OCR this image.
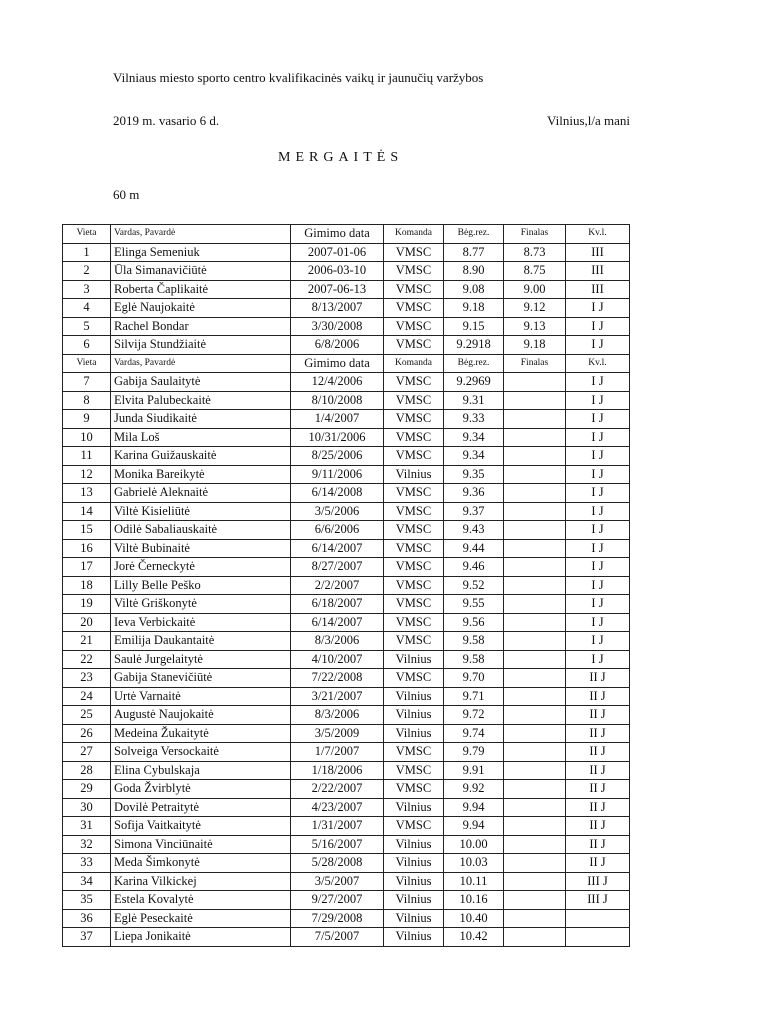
Vilniaus miesto sporto centro kvalifikacinės vaikų ir jaunučių varžybos
2019 m. vasario 6 d.	Vilnius,l/a mani
MERGAITĖS
60 m
Vieta	Vardas, Pavardė	Gimimo data	Komanda	Bėg.rez.	Finalas	Kv.l.
1	Elinga Semeniuk	2007-01-06	VMSC	8.77	8.73	III
2	Ūla Simanavičiūtė	2006-03-10	VMSC	8.90	8.75	III
3	Roberta Čaplikaitė	2007-06-13	VMSC	9.08	9.00	III
4	Eglė Naujokaitė	8/13/2007	VMSC	9.18	9.12	I J
5	Rachel Bondar	3/30/2008	VMSC	9.15	9.13	I J
6	Silvija Stundžiaitė	6/8/2006	VMSC	9.2918	9.18	I J
Vieta	Vardas, Pavardė	Gimimo data	Komanda	Bėg.rez.	Finalas	Kv.l.
7	Gabija Saulaitytė	12/4/2006	VMSC	9.2969		I J
8	Elvita Palubeckaitė	8/10/2008	VMSC	9.31		I J
9	Junda Siudikaitė	1/4/2007	VMSC	9.33		I J
10	Mila Loš	10/31/2006	VMSC	9.34		I J
11	Karina Guižauskaitė	8/25/2006	VMSC	9.34		I J
12	Monika Bareikytė	9/11/2006	Vilnius	9.35		I J
13	Gabrielė Aleknaitė	6/14/2008	VMSC	9.36		I J
14	Viltė Kisieliūtė	3/5/2006	VMSC	9.37		I J
15	Odilė Sabaliauskaitė	6/6/2006	VMSC	9.43		I J
16	Viltė Bubinaitė	6/14/2007	VMSC	9.44		I J
17	Jorė Černeckytė	8/27/2007	VMSC	9.46		I J
18	Lilly Belle Peško	2/2/2007	VMSC	9.52		I J
19	Viltė Griškonytė	6/18/2007	VMSC	9.55		I J
20	Ieva Verbickaitė	6/14/2007	VMSC	9.56		I J
21	Emilija Daukantaitė	8/3/2006	VMSC	9.58		I J
22	Saulė Jurgelaitytė	4/10/2007	Vilnius	9.58		I J
23	Gabija Stanevičiūtė	7/22/2008	VMSC	9.70		II J
24	Urtė Varnaitė	3/21/2007	Vilnius	9.71		II J
25	Augustė Naujokaitė	8/3/2006	Vilnius	9.72		II J
26	Medeina Žukaitytė	3/5/2009	Vilnius	9.74		II J
27	Solveiga Versockaitė	1/7/2007	VMSC	9.79		II J
28	Elina Cybulskaja	1/18/2006	VMSC	9.91		II J
29	Goda Žvirblytė	2/22/2007	VMSC	9.92		II J
30	Dovilė Petraitytė	4/23/2007	Vilnius	9.94		II J
31	Sofija Vaitkaitytė	1/31/2007	VMSC	9.94		II J
32	Simona Vinciūnaitė	5/16/2007	Vilnius	10.00		II J
33	Meda Šimkonytė	5/28/2008	Vilnius	10.03		II J
34	Karina Vilkickej	3/5/2007	Vilnius	10.11		III J
35	Estela Kovalytė	9/27/2007	Vilnius	10.16		III J
36	Eglė Peseckaitė	7/29/2008	Vilnius	10.40		
37	Liepa Jonikaitė	7/5/2007	Vilnius	10.42		
